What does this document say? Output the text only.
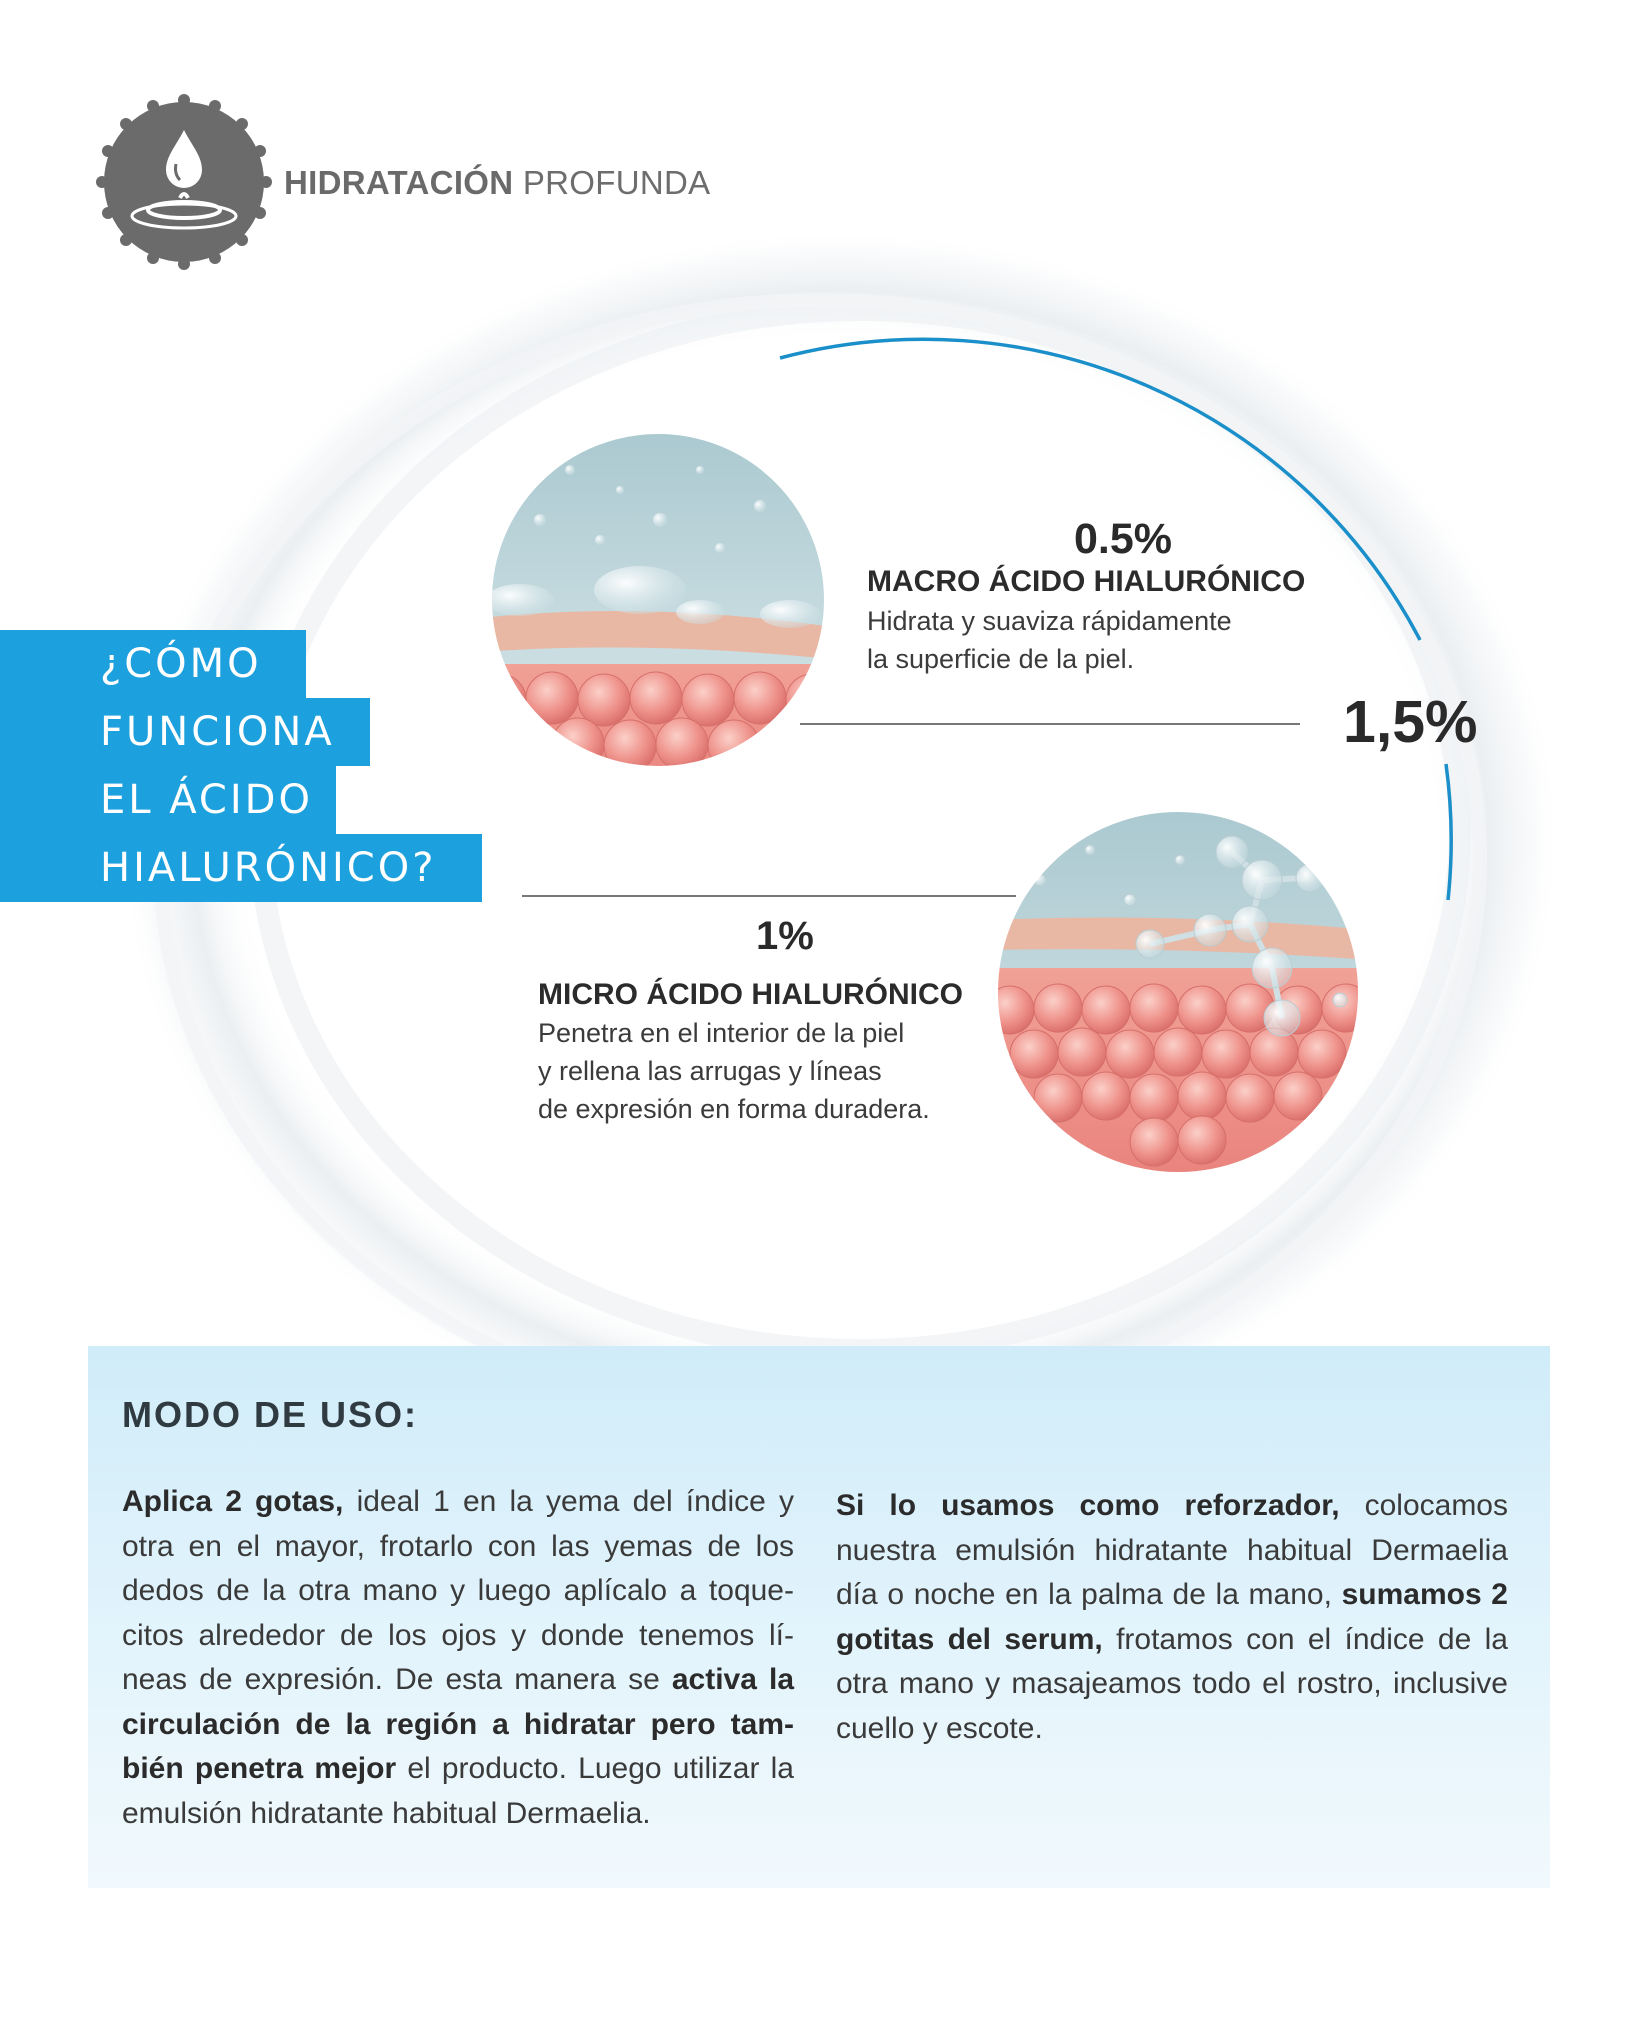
HIDRATACIÓN PROFUNDA
¿CÓMO
FUNCIONA
EL ÁCIDO
HIALURÓNICO?
0.5%
MACRO ÁCIDO HIALURÓNICO
Hidrata y suaviza rápidamente
la superficie de la piel.
1,5%
1%
MICRO ÁCIDO HIALURÓNICO
Penetra en el interior de la piel
y rellena las arrugas y líneas
de expresión en forma duradera.
MODO DE USO:
Aplica 2 gotas, ideal 1 en la yema del índice y otra en el mayor, frotarlo con las yemas de los dedos de la otra mano y luego aplícalo a toquecitos alrededor de los ojos y donde tenemos líneas de expresión. De esta manera se activa la circulación de la región a hidratar pero también penetra mejor el producto. Luego utilizar la emulsión hidratante habitual Dermaelia.
Si lo usamos como reforzador, colocamos nuestra emulsión hidratante habitual Dermaelia día o noche en la palma de la mano, sumamos 2 gotitas del serum, frotamos con el índice de la otra mano y masajeamos todo el rostro, inclusive cuello y escote.
